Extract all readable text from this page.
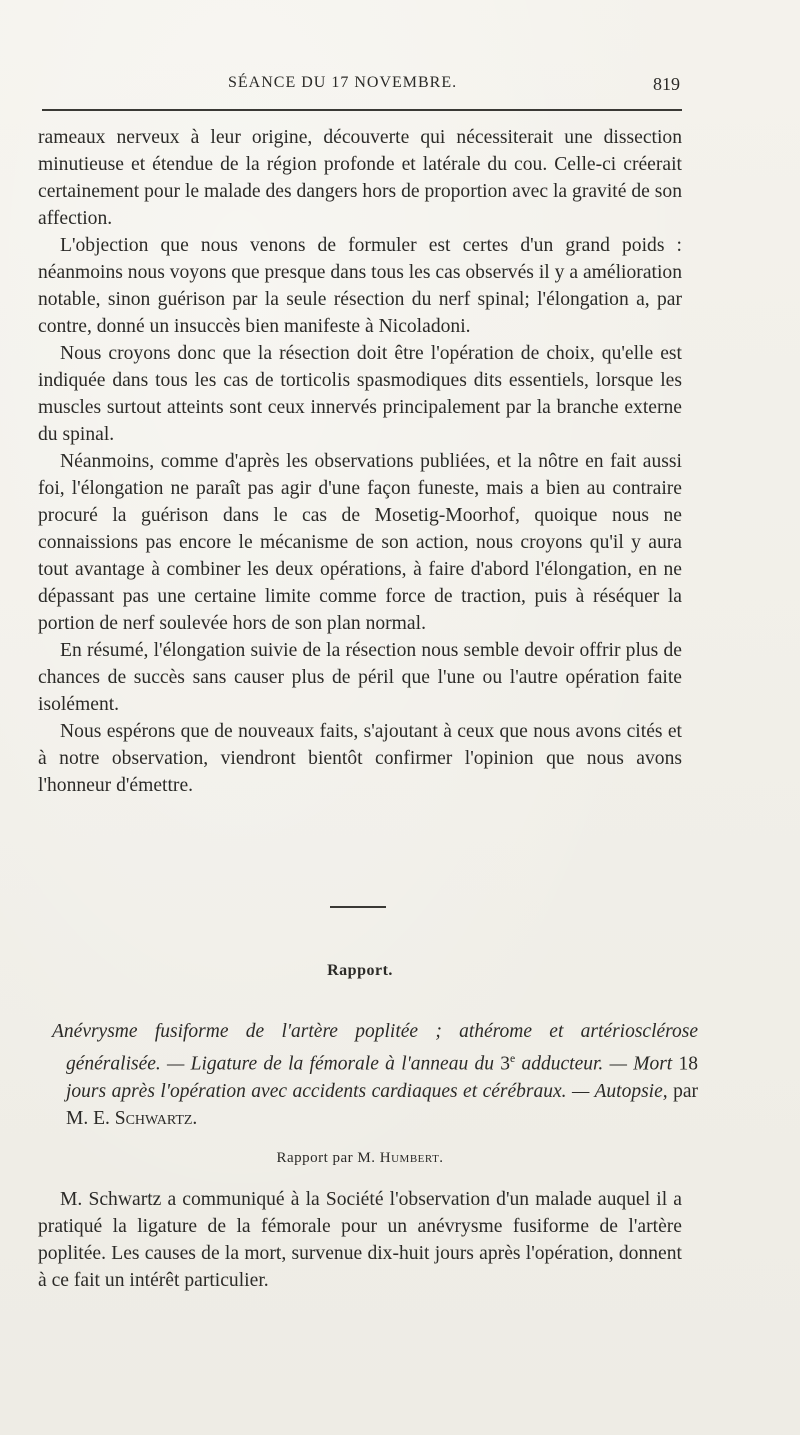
SÉANCE DU 17 NOVEMBRE.	819

rameaux nerveux à leur origine, découverte qui nécessiterait une dissection minutieuse et étendue de la région profonde et latérale du cou. Celle-ci créerait certainement pour le malade des dangers hors de proportion avec la gravité de son affection.

L'objection que nous venons de formuler est certes d'un grand poids : néanmoins nous voyons que presque dans tous les cas observés il y a amélioration notable, sinon guérison par la seule résection du nerf spinal; l'élongation a, par contre, donné un insuccès bien manifeste à Nicoladoni.

Nous croyons donc que la résection doit être l'opération de choix, qu'elle est indiquée dans tous les cas de torticolis spasmodiques dits essentiels, lorsque les muscles surtout atteints sont ceux innervés principalement par la branche externe du spinal.

Néanmoins, comme d'après les observations publiées, et la nôtre en fait aussi foi, l'élongation ne paraît pas agir d'une façon funeste, mais a bien au contraire procuré la guérison dans le cas de Mosetig-Moorhof, quoique nous ne connaissions pas encore le mécanisme de son action, nous croyons qu'il y aura tout avantage à combiner les deux opérations, à faire d'abord l'élongation, en ne dépassant pas une certaine limite comme force de traction, puis à réséquer la portion de nerf soulevée hors de son plan normal.

En résumé, l'élongation suivie de la résection nous semble devoir offrir plus de chances de succès sans causer plus de péril que l'une ou l'autre opération faite isolément.

Nous espérons que de nouveaux faits, s'ajoutant à ceux que nous avons cités et à notre observation, viendront bientôt confirmer l'opinion que nous avons l'honneur d'émettre.

Rapport.
Anévrysme fusiforme de l'artère poplitée ; athérome et artériosclérose généralisée. — Ligature de la fémorale à l'anneau du 3e adducteur. — Mort 18 jours après l'opération avec accidents cardiaques et cérébraux. — Autopsie, par M. E. Schwartz.
Rapport par M. Humbert.

M. Schwartz a communiqué à la Société l'observation d'un malade auquel il a pratiqué la ligature de la fémorale pour un anévrysme fusiforme de l'artère poplitée. Les causes de la mort, survenue dix-huit jours après l'opération, donnent à ce fait un intérêt particulier.
